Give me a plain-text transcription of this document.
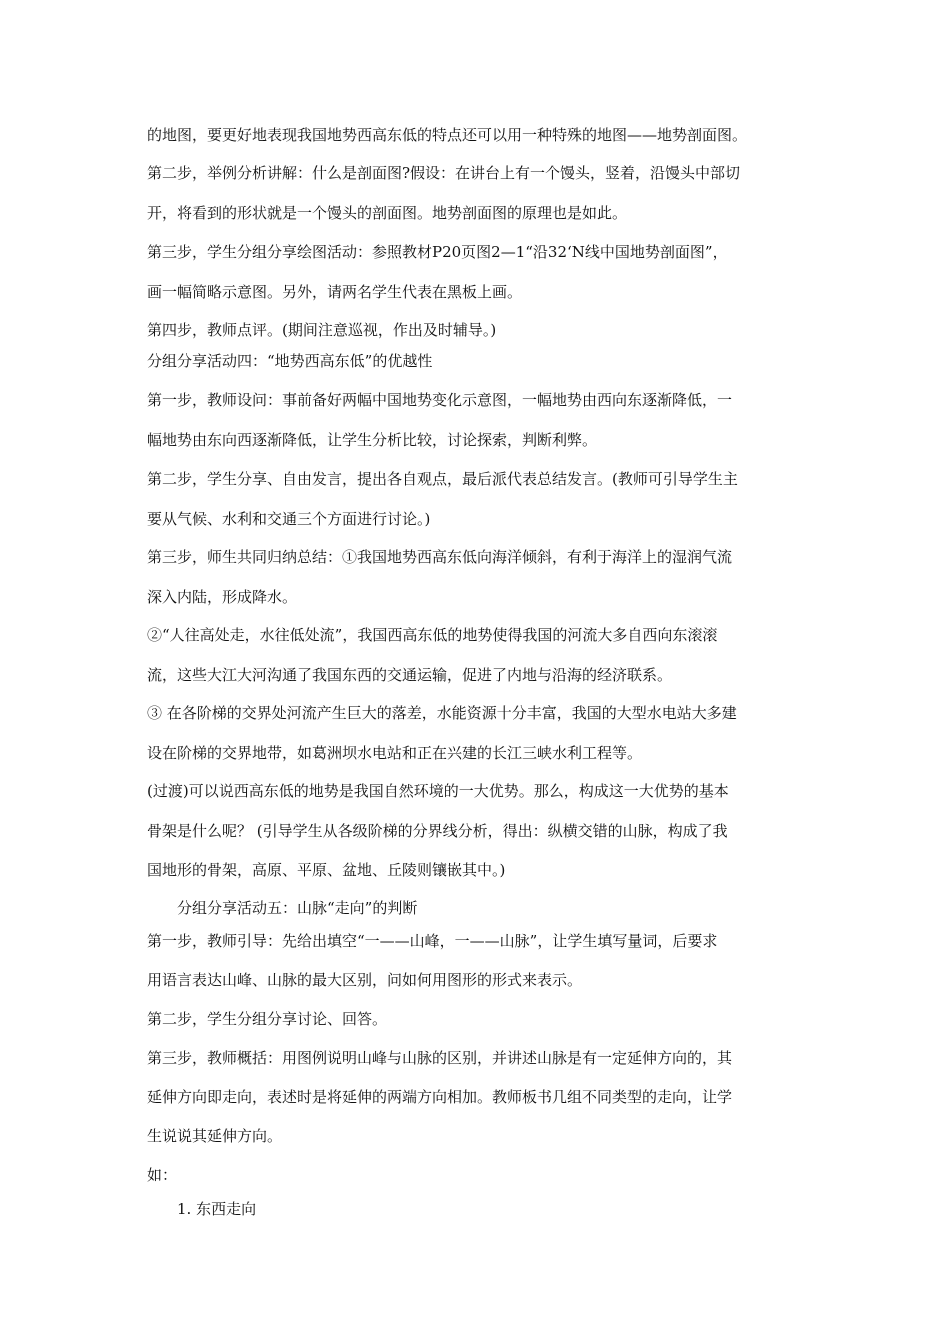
的地图，要更好地表现我国地势西高东低的特点还可以用一种特殊的地图——地势剖面图。
第二步，举例分析讲解：什么是剖面图?假设：在讲台上有一个馒头，竖着，沿馒头中部切
开，将看到的形状就是一个馒头的剖面图。地势剖面图的原理也是如此。
第三步，学生分组分享绘图活动：参照教材P20页图2—1“沿32‘N线中国地势剖面图”，
画一幅简略示意图。另外，请两名学生代表在黑板上画。
第四步，教师点评。(期间注意巡视，作出及时辅导。)
分组分享活动四：“地势西高东低”的优越性
第一步，教师设问：事前备好两幅中国地势变化示意图，一幅地势由西向东逐渐降低，一
幅地势由东向西逐渐降低，让学生分析比较，讨论探索，判断利弊。
第二步，学生分享、自由发言，提出各自观点，最后派代表总结发言。(教师可引导学生主
要从气候、水利和交通三个方面进行讨论。)
第三步，师生共同归纳总结：①我国地势西高东低向海洋倾斜，有利于海洋上的湿润气流
深入内陆，形成降水。
②“人往高处走，水往低处流”，我国西高东低的地势使得我国的河流大多自西向东滚滚
流，这些大江大河沟通了我国东西的交通运输，促进了内地与沿海的经济联系。
③ 在各阶梯的交界处河流产生巨大的落差，水能资源十分丰富，我国的大型水电站大多建
设在阶梯的交界地带，如葛洲坝水电站和正在兴建的长江三峡水利工程等。
(过渡)可以说西高东低的地势是我国自然环境的一大优势。那么，构成这一大优势的基本
骨架是什么呢？ (引导学生从各级阶梯的分界线分析，得出：纵横交错的山脉，构成了我
国地形的骨架，高原、平原、盆地、丘陵则镶嵌其中。)
分组分享活动五：山脉“走向”的判断
第一步，教师引导：先给出填空“一——山峰，一——山脉”，让学生填写量词，后要求
用语言表达山峰、山脉的最大区别，问如何用图形的形式来表示。
第二步，学生分组分享讨论、回答。
第三步，教师概括：用图例说明山峰与山脉的区别，并讲述山脉是有一定延伸方向的，其
延伸方向即走向，表述时是将延伸的两端方向相加。教师板书几组不同类型的走向，让学
生说说其延伸方向。
如：
1. 东西走向
